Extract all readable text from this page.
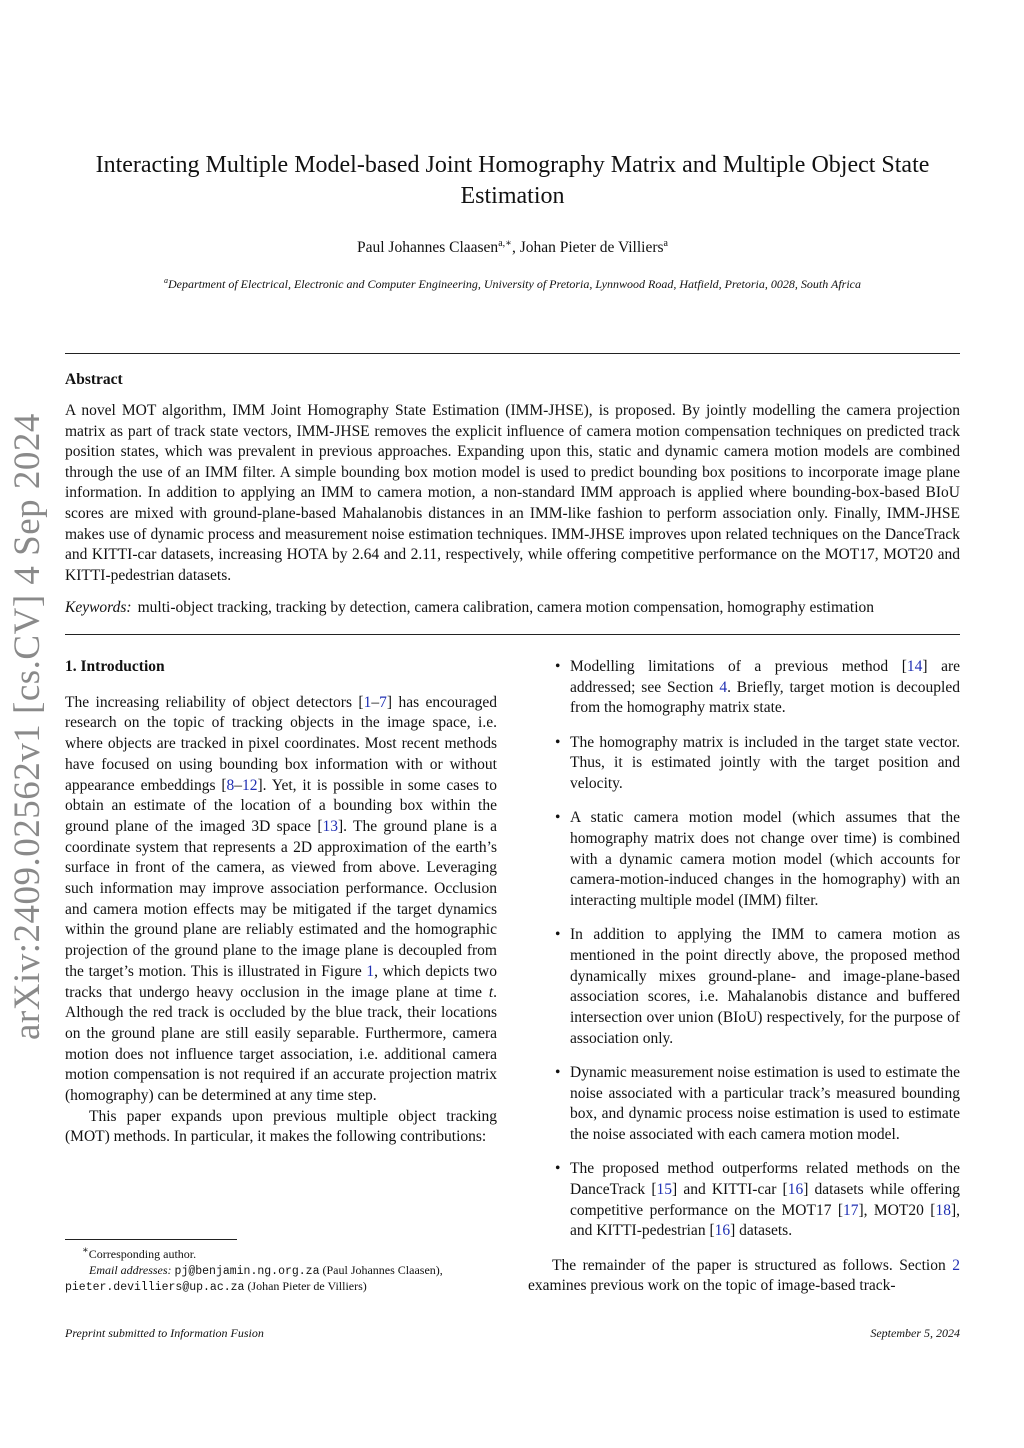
arXiv:2409.02562v1 [cs.CV] 4 Sep 2024
Interacting Multiple Model-based Joint Homography Matrix and Multiple Object State Estimation
Paul Johannes Claasen$^{a,∗}$, Johan Pieter de Villiers$^a$
$^a$Department of Electrical, Electronic and Computer Engineering, University of Pretoria, Lynnwood Road, Hatfield, Pretoria, 0028, South Africa
Abstract
A novel MOT algorithm, IMM Joint Homography State Estimation (IMM-JHSE), is proposed. By jointly modelling the camera projection matrix as part of track state vectors, IMM-JHSE removes the explicit influence of camera motion compensation techniques on predicted track position states, which was prevalent in previous approaches. Expanding upon this, static and dynamic camera motion models are combined through the use of an IMM filter. A simple bounding box motion model is used to predict bounding box positions to incorporate image plane information. In addition to applying an IMM to camera motion, a non-standard IMM approach is applied where bounding-box-based BIoU scores are mixed with ground-plane-based Mahalanobis distances in an IMM-like fashion to perform association only. Finally, IMM-JHSE makes use of dynamic process and measurement noise estimation techniques. IMM-JHSE improves upon related techniques on the DanceTrack and KITTI-car datasets, increasing HOTA by 2.64 and 2.11, respectively, while offering competitive performance on the MOT17, MOT20 and KITTI-pedestrian datasets.
Keywords: multi-object tracking, tracking by detection, camera calibration, camera motion compensation, homography estimation
1. Introduction

The increasing reliability of object detectors [1–7] has encouraged research on the topic of tracking objects in the image space, i.e. where objects are tracked in pixel coordinates. Most recent methods have focused on using bounding box information with or without appearance embeddings [8–12]. Yet, it is possible in some cases to obtain an estimate of the location of a bounding box within the ground plane of the imaged 3D space [13]. The ground plane is a coordinate system that represents a 2D approximation of the earth’s surface in front of the camera, as viewed from above. Leveraging such information may improve association performance. Occlusion and camera motion effects may be mitigated if the target dynamics within the ground plane are reliably estimated and the homographic projection of the ground plane to the image plane is decoupled from the target’s motion. This is illustrated in Figure 1, which depicts two tracks that undergo heavy occlusion in the image plane at time t. Although the red track is occluded by the blue track, their locations on the ground plane are still easily separable. Furthermore, camera motion does not influence target association, i.e. additional camera motion compensation is not required if an accurate projection matrix (homography) can be determined at any time step.

This paper expands upon previous multiple object tracking (MOT) methods. In particular, it makes the following contributions:

∗Corresponding author.
Email addresses: pj@benjamin.ng.org.za (Paul Johannes Claasen),
pieter.devilliers@up.ac.za (Johan Pieter de Villiers)
• Modelling limitations of a previous method [14] are addressed; see Section 4. Briefly, target motion is decoupled from the homography matrix state.
• The homography matrix is included in the target state vector. Thus, it is estimated jointly with the target position and velocity.
• A static camera motion model (which assumes that the homography matrix does not change over time) is combined with a dynamic camera motion model (which accounts for camera-motion-induced changes in the homography) with an interacting multiple model (IMM) filter.
• In addition to applying the IMM to camera motion as mentioned in the point directly above, the proposed method dynamically mixes ground-plane- and image-plane-based association scores, i.e. Mahalanobis distance and buffered intersection over union (BIoU) respectively, for the purpose of association only.
• Dynamic measurement noise estimation is used to estimate the noise associated with a particular track’s measured bounding box, and dynamic process noise estimation is used to estimate the noise associated with each camera motion model.
• The proposed method outperforms related methods on the DanceTrack [15] and KITTI-car [16] datasets while offering competitive performance on the MOT17 [17], MOT20 [18], and KITTI-pedestrian [16] datasets.

The remainder of the paper is structured as follows. Section 2 examines previous work on the topic of image-based track-

Preprint submitted to Information Fusion	September 5, 2024
